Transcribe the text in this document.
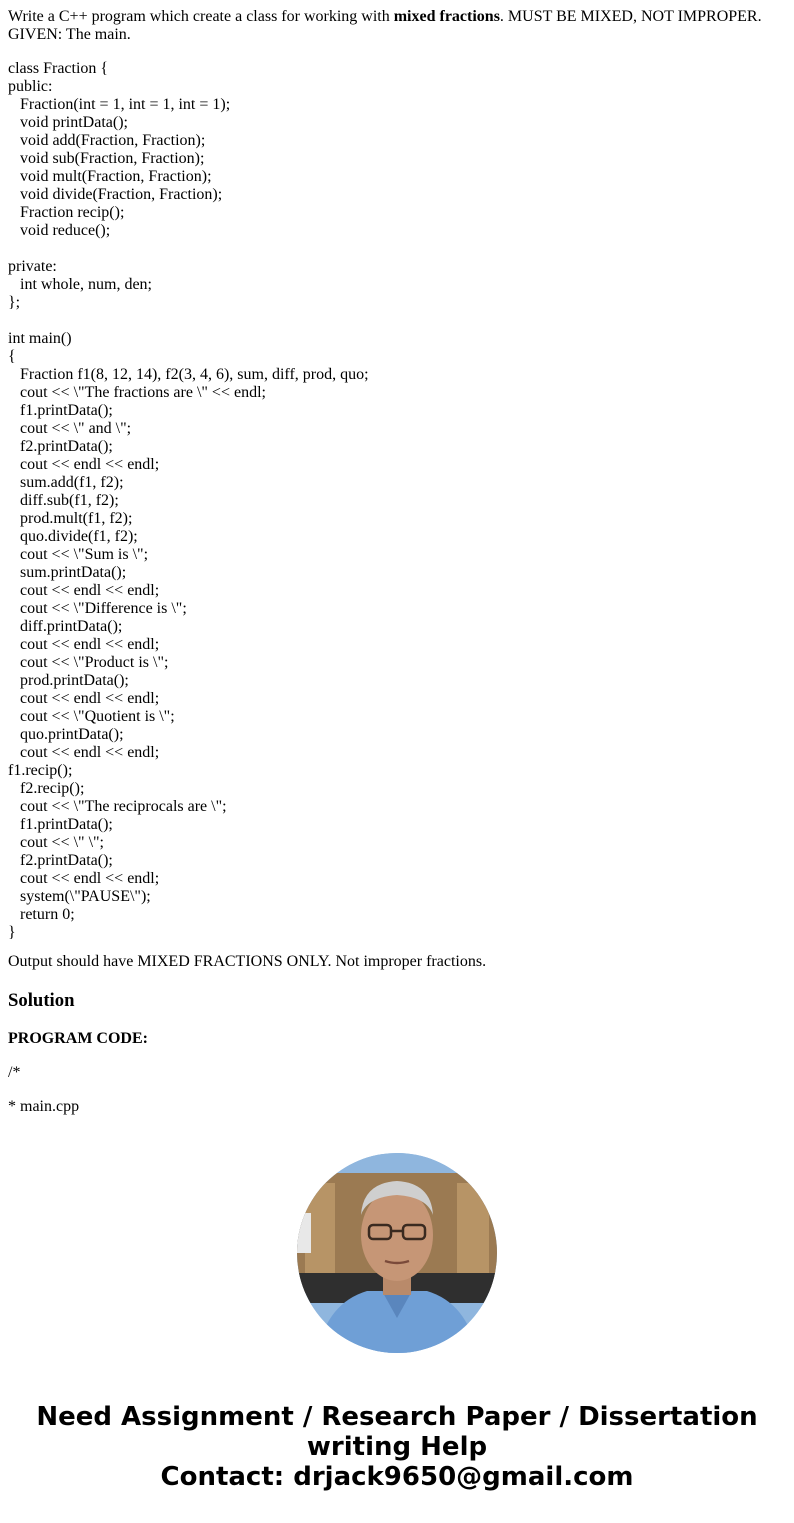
Write a C++ program which create a class for working with mixed fractions. MUST BE MIXED, NOT IMPROPER. GIVEN: The main.

class Fraction {
public:
Fraction(int = 1, int = 1, int = 1);
void printData();
void add(Fraction, Fraction);
void sub(Fraction, Fraction);
void mult(Fraction, Fraction);
void divide(Fraction, Fraction);
Fraction recip();
void reduce();
private:
int whole, num, den;
};
int main()
{
Fraction f1(8, 12, 14), f2(3, 4, 6), sum, diff, prod, quo;
cout << \"The fractions are \" << endl;
f1.printData();
cout << \" and \";
f2.printData();
cout << endl << endl;
sum.add(f1, f2);
diff.sub(f1, f2);
prod.mult(f1, f2);
quo.divide(f1, f2);
cout << \"Sum is \";
sum.printData();
cout << endl << endl;
cout << \"Difference is \";
diff.printData();
cout << endl << endl;
cout << \"Product is \";
prod.printData();
cout << endl << endl;
cout << \"Quotient is \";
quo.printData();
cout << endl << endl;
f1.recip();
f2.recip();
cout << \"The reciprocals are \";
f1.printData();
cout << \" \";
f2.printData();
cout << endl << endl;
system(\"PAUSE\");
return 0;
}
Output should have MIXED FRACTIONS ONLY. Not improper fractions.
Solution
PROGRAM CODE:
/*
* main.cpp
Need Assignment / Research Paper / Dissertation
writing Help
Contact: drjack9650@gmail.com
